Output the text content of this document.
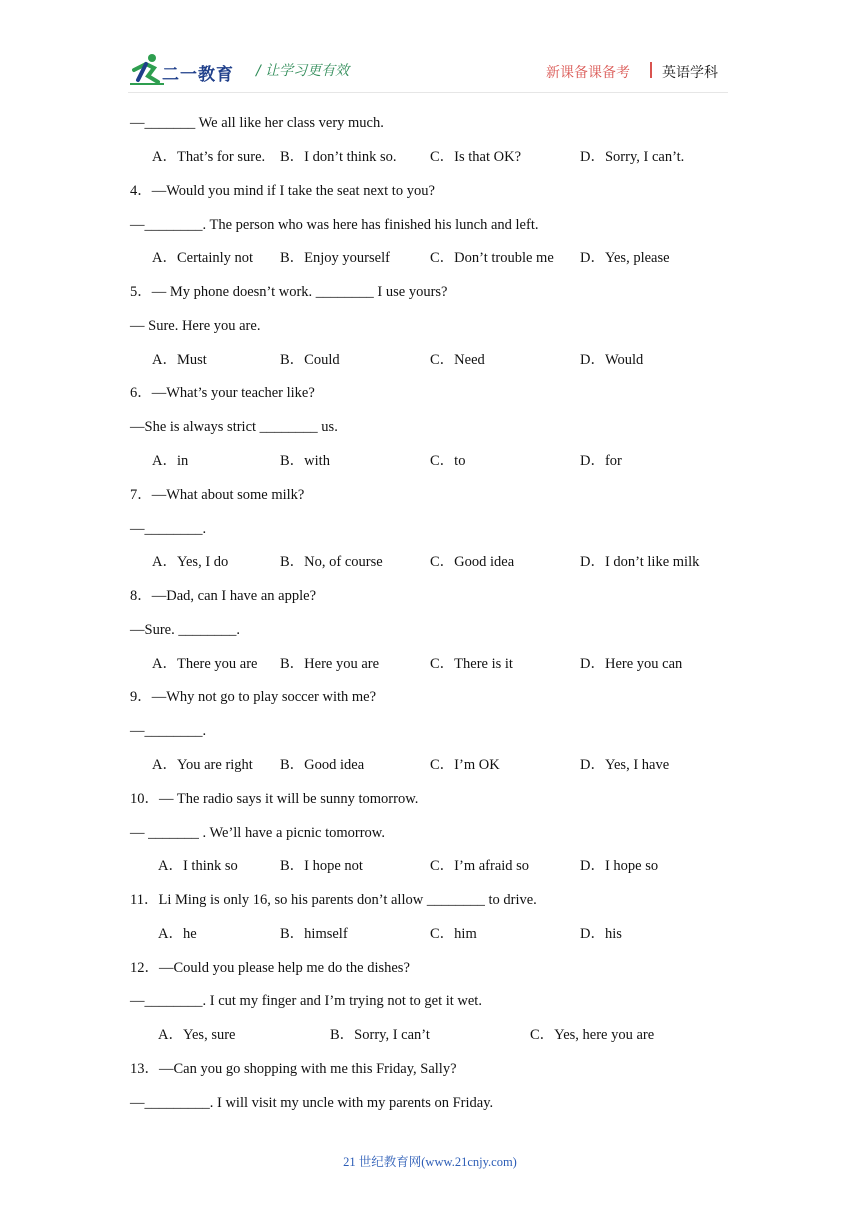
二一教育 / 让学习更有效	新课备课备考 英语学科
—_______ We all like her class very much.
A．That’s for sure. B．I don’t think so. C．Is that OK?	D．Sorry, I can’t.
4．—Would you mind if I take the seat next to you?
—________. The person who was here has finished his lunch and left.
A．Certainly not B．Enjoy yourself	C．Don’t trouble me D．Yes, please
5．— My phone doesn’t work. ________ I use yours?
— Sure. Here you are.
A．Must	B．Could	C．Need	D．Would
6．—What’s your teacher like?
—She is always strict ________ us.
A．in	B．with	C．to	D．for
7．—What about some milk?
—________.
A．Yes, I do	B．No, of course	C．Good idea	D．I don’t like milk
8．—Dad, can I have an apple?
—Sure. ________.
A．There you are B．Here you are	C．There is it	D．Here you can
9．—Why not go to play soccer with me?
—________.
A．You are right B．Good idea	C．I’m OK	D．Yes, I have
10．— The radio says it will be sunny tomorrow.
— _______ . We’ll have a picnic tomorrow.
A．I think so	B．I hope not	C．I’m afraid so	D．I hope so
11．Li Ming is only 16, so his parents don’t allow ________ to drive.
A．he	B．himself	C．him	D．his
12．—Could you please help me do the dishes?
—________. I cut my finger and I’m trying not to get it wet.
A．Yes, sure	B．Sorry, I can’t	C．Yes, here you are
13．—Can you go shopping with me this Friday, Sally?
—_________. I will visit my uncle with my parents on Friday.
21 世纪教育网(www.21cnjy.com)
